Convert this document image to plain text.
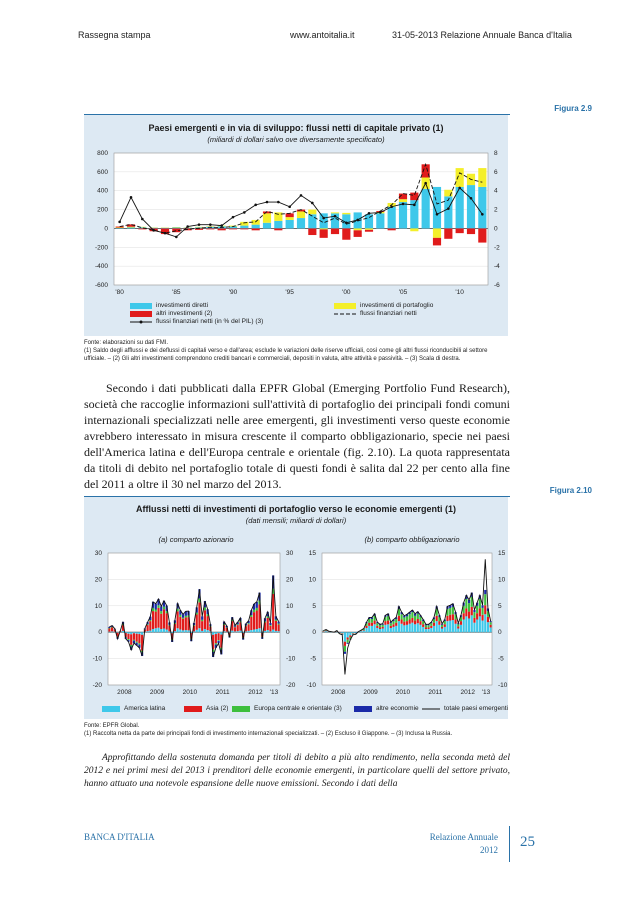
Rassegna stampa	www.antoitalia.it	31-05-2013 Relazione Annuale Banca d'Italia
Figura 2.9
Paesi emergenti e in via di sviluppo: flussi netti di capitale privato (1)
(miliardi di dollari salvo ove diversamente specificato)
-600
-400
-200
0
200
400
600
800
-6
-4
-2
0
2
4
6
8
'80	'85	'90	'95	'00	'05	'10
investimenti diretti
altri investimenti (2)
flussi finanziari netti (in % del PIL) (3)
investimenti di portafoglio
flussi finanziari netti
Fonte: elaborazioni su dati FMI.
(1) Saldo degli afflussi e dei deflussi di capitali verso e dall'area; esclude le variazioni delle riserve ufficiali, così come gli altri flussi riconducibili al settore ufficiale. – (2) Gli altri investimenti comprendono crediti bancari e commerciali, depositi in valuta, altre attività e passività. – (3) Scala di destra.

Secondo i dati pubblicati dalla EPFR Global (Emerging Portfolio Fund Research), società che raccoglie informazioni sull'attività di portafoglio dei principali fondi comuni internazionali specializzati nelle aree emergenti, gli investimenti verso queste economie avrebbero interessato in misura crescente il comparto obbligazionario, specie nei paesi dell'America latina e dell'Europa centrale e orientale (fig. 2.10). La quota rappresentata da titoli di debito nel portafoglio totale di questi fondi è salita dal 22 per cento alla fine del 2011 a oltre il 30 nel marzo del 2013.	Figura 2.10
Afflussi netti di investimenti di portafoglio verso le economie emergenti (1)
(dati mensili; miliardi di dollari)
(a) comparto azionario	(b) comparto obbligazionario
-20	-20
-10	-10
0	0
10	10
20	20
30	30
2008	2009	2010	2011	2012 '13
-10	-10
-5	-5
0	0
5	5
10	10
15	15
2008	2009	2010	2011	2012 '13
America latina	Asia (2)	Europa centrale e orientale (3)	altre economie	totale paesi emergenti
Fonte: EPFR Global.
(1) Raccolta netta da parte dei principali fondi di investimento internazionali specializzati. – (2) Escluso il Giappone. – (3) Inclusa la Russia.

Approfittando della sostenuta domanda per titoli di debito a più alto rendimento, nella seconda metà del 2012 e nei primi mesi del 2013 i prenditori delle economie emergenti, in particolare quelli del settore privato, hanno attuato una notevole espansione delle nuove emissioni. Secondo i dati della

BANCA D'ITALIA	Relazione Annuale
2012 25
